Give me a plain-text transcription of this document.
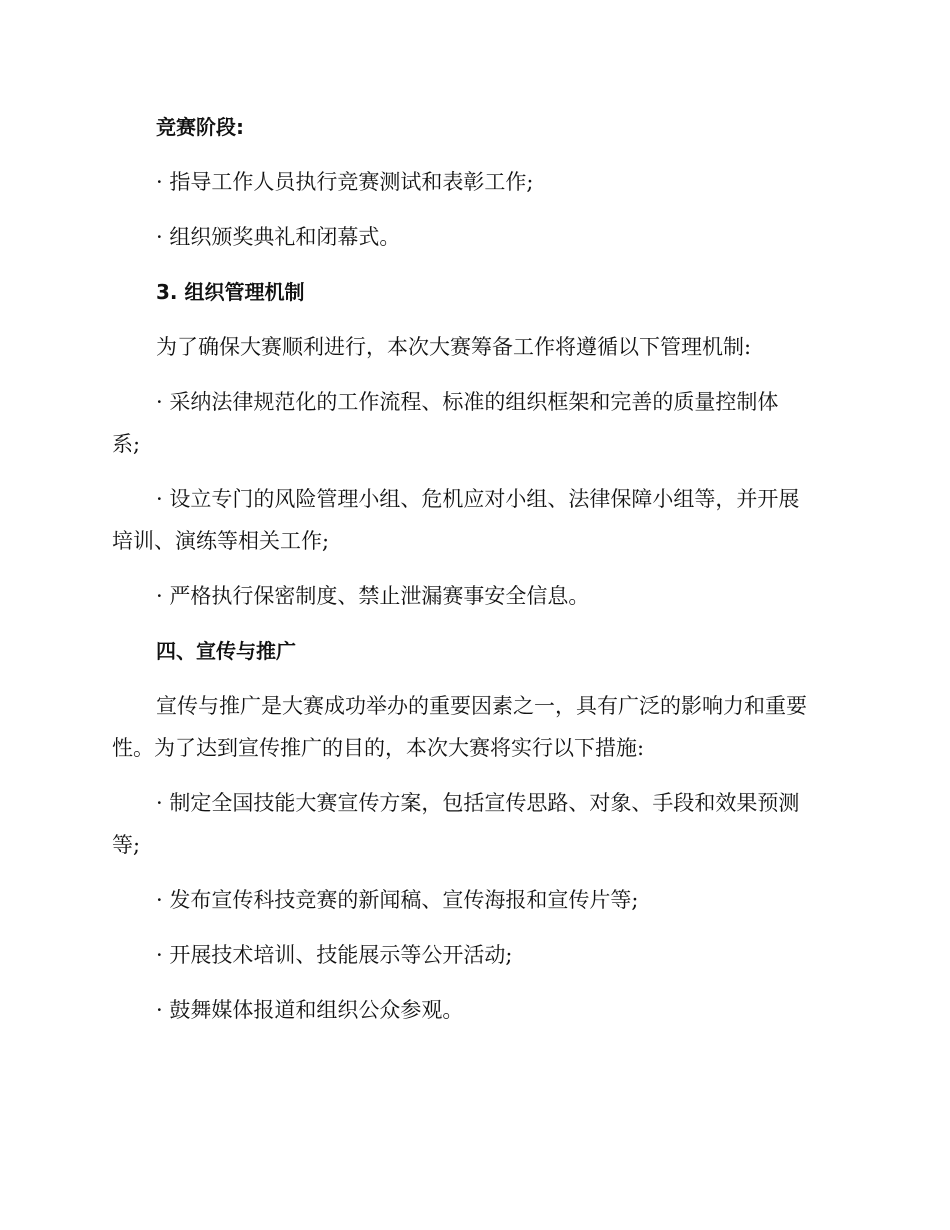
竞赛阶段:
· 指导工作人员执行竞赛测试和表彰工作;
· 组织颁奖典礼和闭幕式。
3. 组织管理机制
为了确保大赛顺利进行，本次大赛筹备工作将遵循以下管理机制:
· 采纳法律规范化的工作流程、标准的组织框架和完善的质量控制体
系;
· 设立专门的风险管理小组、危机应对小组、法律保障小组等，并开展
培训、演练等相关工作;
· 严格执行保密制度、禁止泄漏赛事安全信息。
四、宣传与推广
宣传与推广是大赛成功举办的重要因素之一，具有广泛的影响力和重要
性。为了达到宣传推广的目的，本次大赛将实行以下措施:
· 制定全国技能大赛宣传方案，包括宣传思路、对象、手段和效果预测
等;
· 发布宣传科技竞赛的新闻稿、宣传海报和宣传片等;
· 开展技术培训、技能展示等公开活动;
· 鼓舞媒体报道和组织公众参观。
